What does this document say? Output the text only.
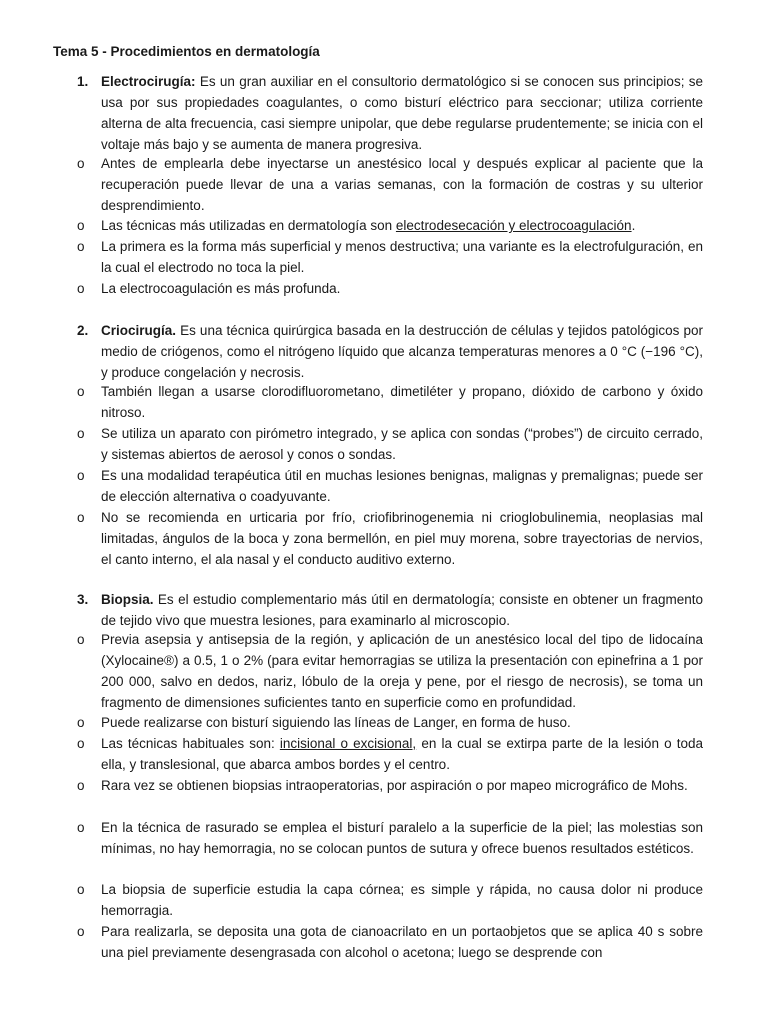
Tema 5 - Procedimientos en dermatología

1. Electrocirugía: Es un gran auxiliar en el consultorio dermatológico si se conocen sus principios; se usa por sus propiedades coagulantes, o como bisturí eléctrico para seccionar; utiliza corriente alterna de alta frecuencia, casi siempre unipolar, que debe regularse prudentemente; se inicia con el voltaje más bajo y se aumenta de manera progresiva.

o Antes de emplearla debe inyectarse un anestésico local y después explicar al paciente que la recuperación puede llevar de una a varias semanas, con la formación de costras y su ulterior desprendimiento.

o Las técnicas más utilizadas en dermatología son electrodesecación y electrocoagulación.

o La primera es la forma más superficial y menos destructiva; una variante es la electrofulguración, en la cual el electrodo no toca la piel.

o La electrocoagulación es más profunda.

2. Criocirugía. Es una técnica quirúrgica basada en la destrucción de células y tejidos patológicos por medio de criógenos, como el nitrógeno líquido que alcanza temperaturas menores a 0 °C (−196 °C), y produce congelación y necrosis.

o También llegan a usarse clorodifluorometano, dimetiléter y propano, dióxido de carbono y óxido nitroso.

o Se utiliza un aparato con pirómetro integrado, y se aplica con sondas (“probes”) de circuito cerrado, y sistemas abiertos de aerosol y conos o sondas.

o Es una modalidad terapéutica útil en muchas lesiones benignas, malignas y premalignas; puede ser de elección alternativa o coadyuvante.

o No se recomienda en urticaria por frío, criofibrinogenemia ni crioglobulinemia, neoplasias mal limitadas, ángulos de la boca y zona bermellón, en piel muy morena, sobre trayectorias de nervios, el canto interno, el ala nasal y el conducto auditivo externo.

3. Biopsia. Es el estudio complementario más útil en dermatología; consiste en obtener un fragmento de tejido vivo que muestra lesiones, para examinarlo al microscopio.

o Previa asepsia y antisepsia de la región, y aplicación de un anestésico local del tipo de lidocaína (Xylocaine®) a 0.5, 1 o 2% (para evitar hemorragias se utiliza la presentación con epinefrina a 1 por 200 000, salvo en dedos, nariz, lóbulo de la oreja y pene, por el riesgo de necrosis), se toma un fragmento de dimensiones suficientes tanto en superficie como en profundidad.

o Puede realizarse con bisturí siguiendo las líneas de Langer, en forma de huso.

o Las técnicas habituales son: incisional o excisional, en la cual se extirpa parte de la lesión o toda ella, y translesional, que abarca ambos bordes y el centro.

o Rara vez se obtienen biopsias intraoperatorias, por aspiración o por mapeo micrográfico de Mohs.

o En la técnica de rasurado se emplea el bisturí paralelo a la superficie de la piel; las molestias son mínimas, no hay hemorragia, no se colocan puntos de sutura y ofrece buenos resultados estéticos.

o La biopsia de superficie estudia la capa córnea; es simple y rápida, no causa dolor ni produce hemorragia.

o Para realizarla, se deposita una gota de cianoacrilato en un portaobjetos que se aplica 40 s sobre una piel previamente desengrasada con alcohol o acetona; luego se desprende con
